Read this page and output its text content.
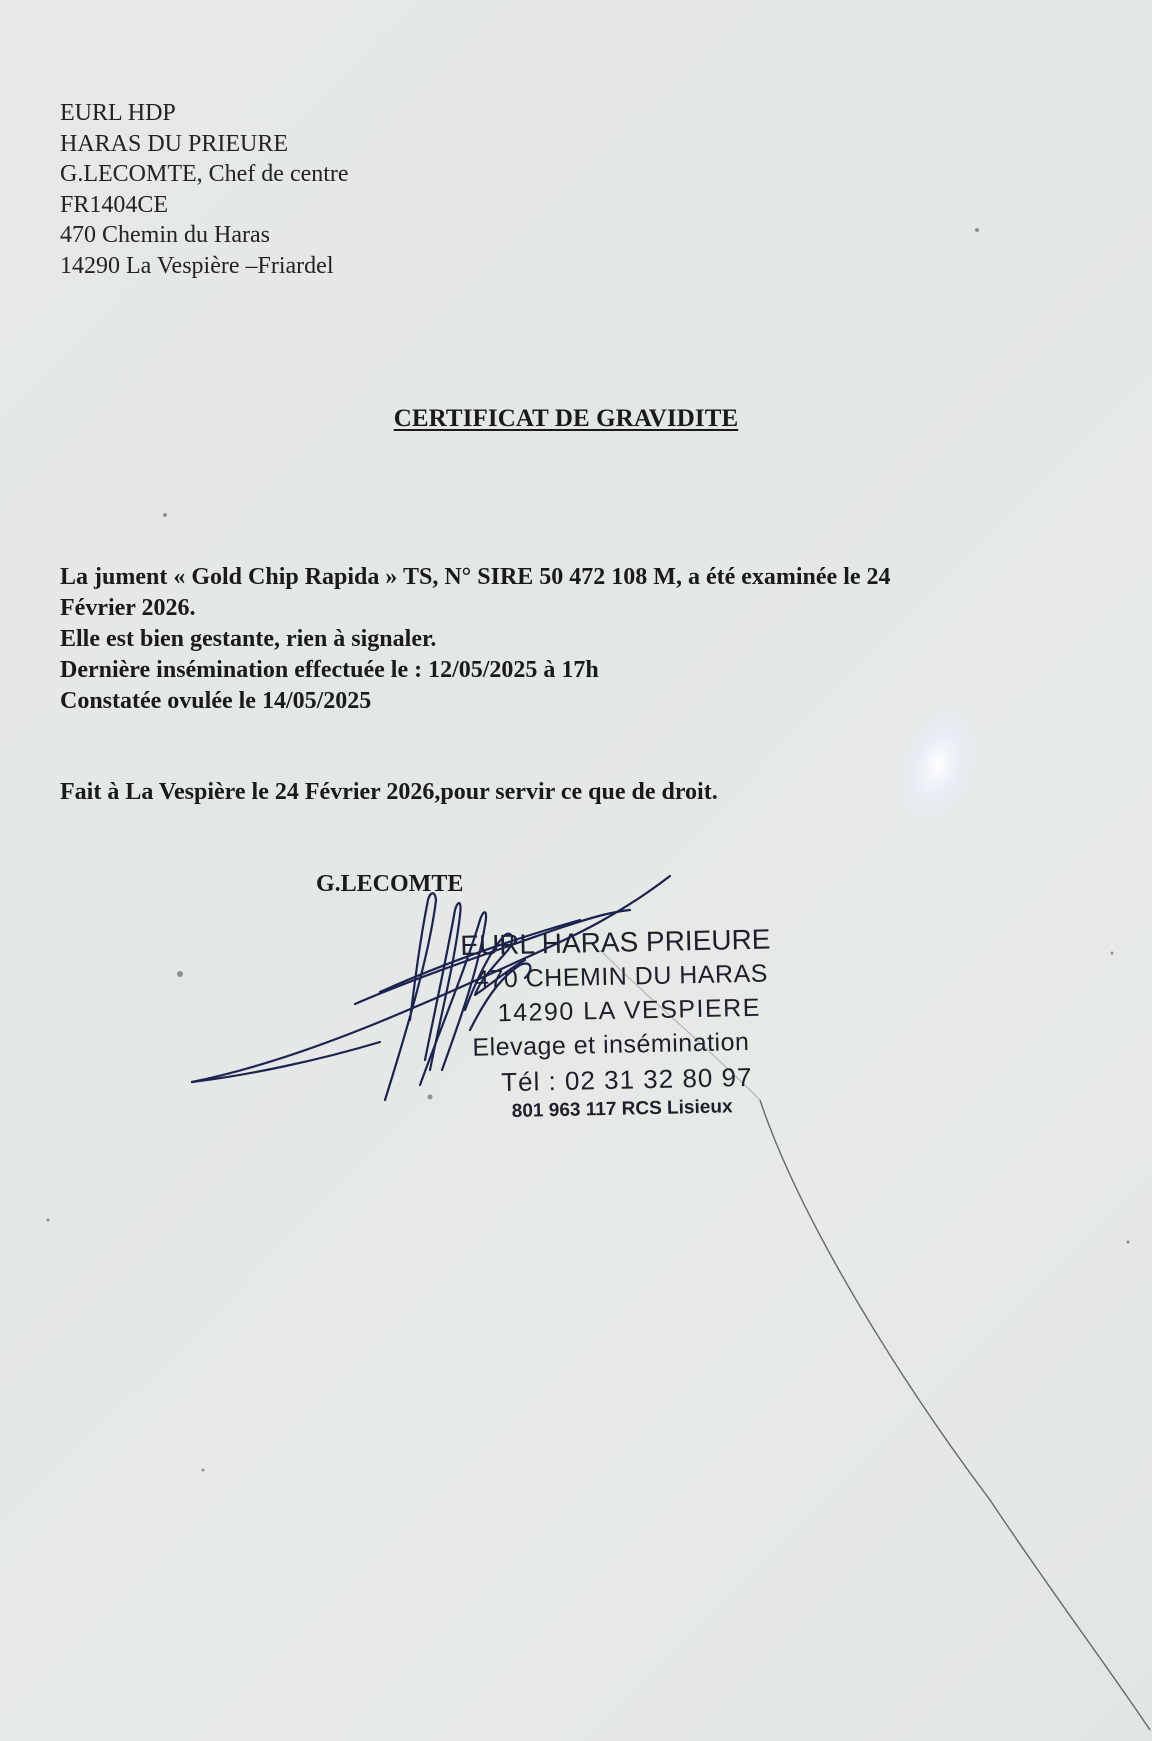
EURL HDP
HARAS DU PRIEURE
G.LECOMTE, Chef de centre
FR1404CE
470 Chemin du Haras
14290 La Vespière –Friardel
CERTIFICAT DE GRAVIDITE
La jument « Gold Chip Rapida » TS, N° SIRE 50 472 108 M, a été examinée le 24
Février 2026.
Elle est bien gestante, rien à signaler.
Dernière insémination effectuée le : 12/05/2025 à 17h
Constatée ovulée le 14/05/2025
Fait à La Vespière le 24 Février 2026,pour servir ce que de droit.
G.LECOMTE
EURL HARAS PRIEURE
470 CHEMIN DU HARAS
14290 LA VESPIERE
Elevage et insémination
Tél : 02 31 32 80 97
801 963 117 RCS Lisieux
